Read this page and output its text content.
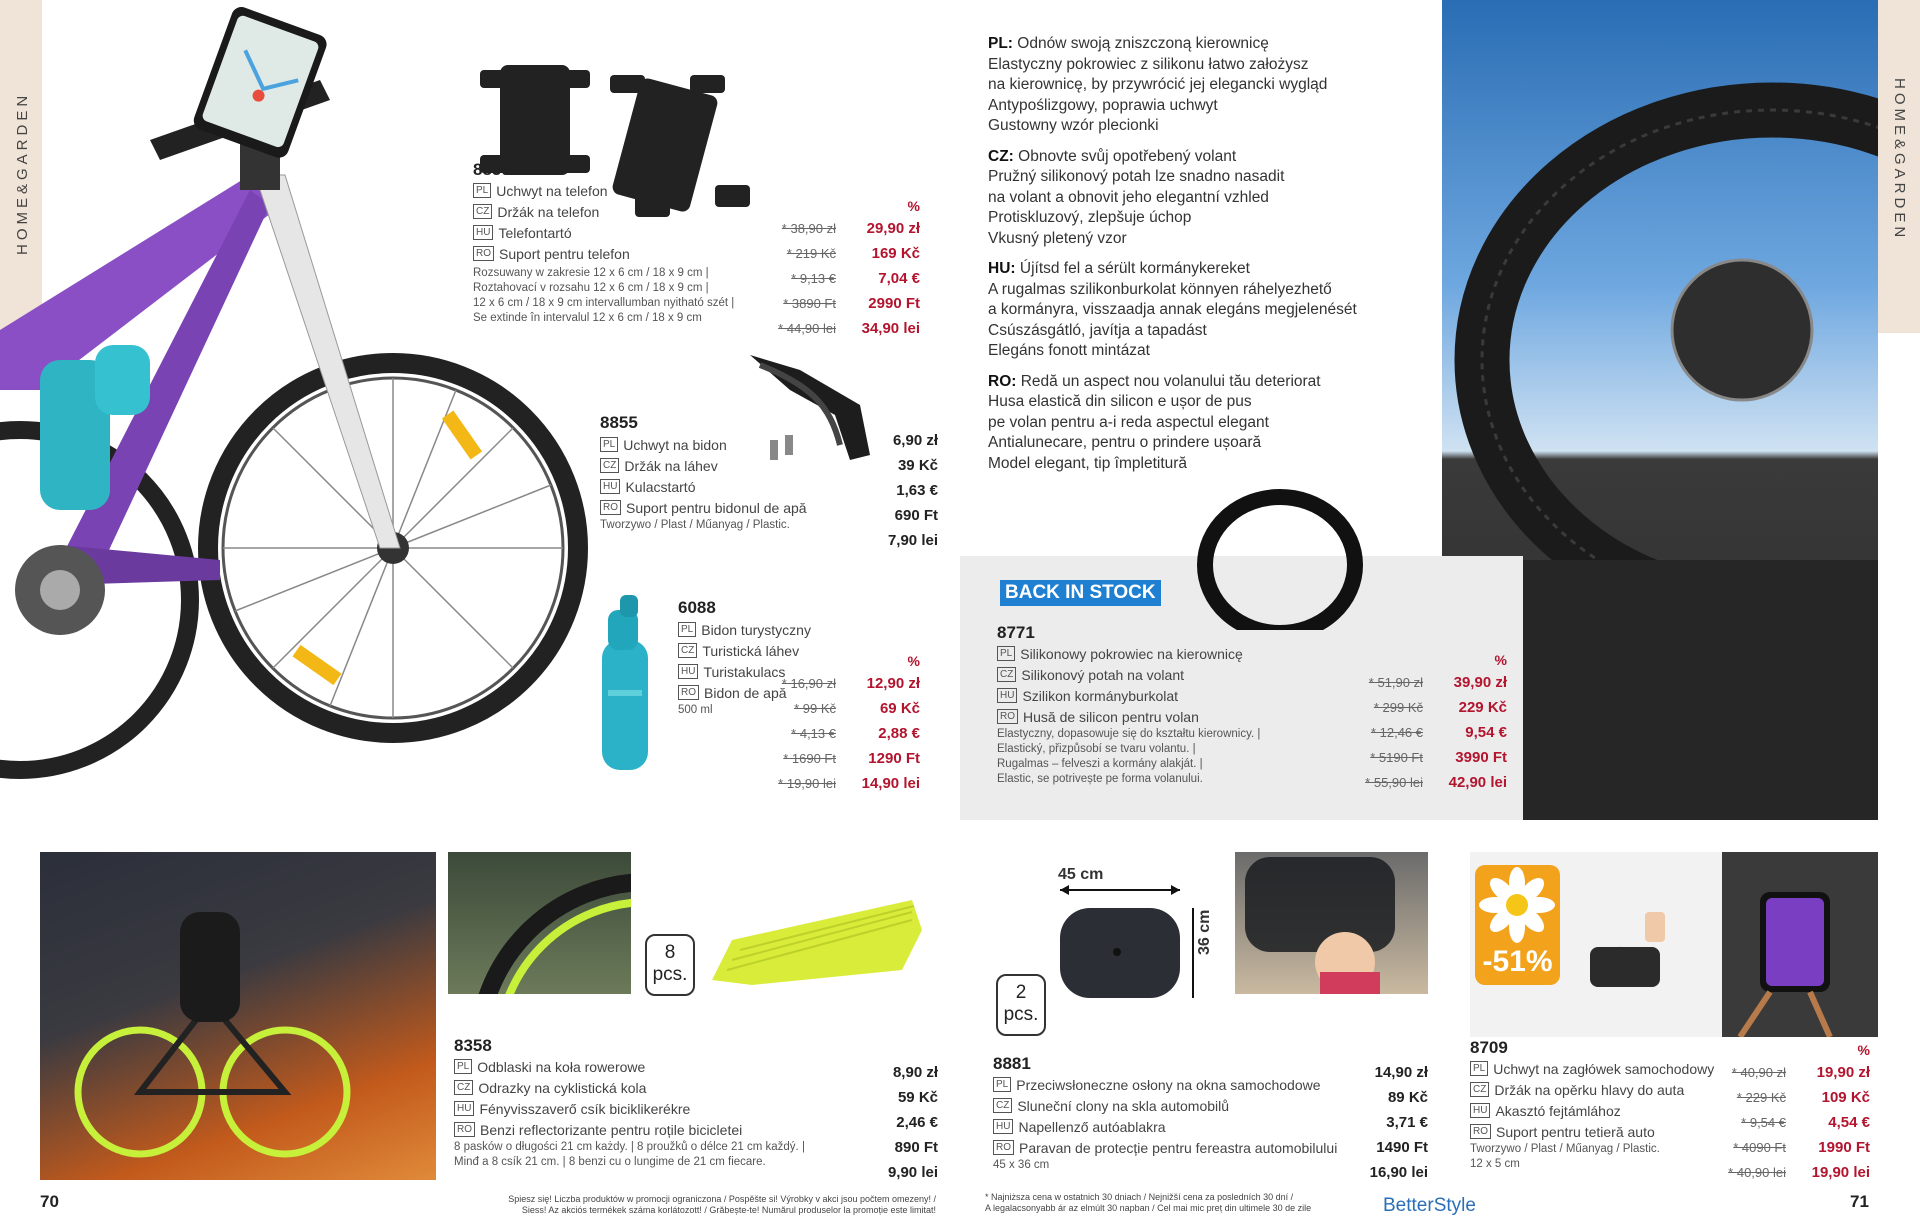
HOME&GARDEN	HOME&GARDEN
8859
PL Uchwyt na telefon
CZ Držák na telefon
HU Telefontartó
RO Suport pentru telefon
Rozsuwany w zakresie 12 x 6 cm / 18 x 9 cm |
Roztahovací v rozsahu 12 x 6 cm / 18 x 9 cm |
12 x 6 cm / 18 x 9 cm intervallumban nyitható szét |
Se extinde în intervalul 12 x 6 cm / 18 x 9 cm
%
* 38,90 zł	29,90 zł
* 219 Kč	169 Kč
* 9,13 €	7,04 €
* 3890 Ft	2990 Ft
* 44,90 lei	34,90 lei
8855
PL Uchwyt na bidon
CZ Držák na láhev
HU Kulacstartó
RO Suport pentru bidonul de apă
Tworzywo / Plast / Műanyag / Plastic.
6,90 zł
39 Kč
1,63 €
690 Ft
7,90 lei
6088
PL Bidon turystyczny
CZ Turistická láhev
HU Turistakulacs
RO Bidon de apă
500 ml
%
* 16,90 zł	12,90 zł
* 99 Kč	69 Kč
* 4,13 €	2,88 €
* 1690 Ft	1290 Ft
* 19,90 lei	14,90 lei

PL: Odnów swoją zniszczoną kierownicę
Elastyczny pokrowiec z silikonu łatwo założysz
na kierownicę, by przywrócić jej elegancki wygląd
Antypoślizgowy, poprawia uchwyt
Gustowny wzór plecionki

CZ: Obnovte svůj opotřebený volant
Pružný silikonový potah lze snadno nasadit
na volant a obnovit jeho elegantní vzhled
Protiskluzový, zlepšuje úchop
Vkusný pletený vzor

HU: Újítsd fel a sérült kormánykereket
A rugalmas szilikonburkolat könnyen ráhelyezhető
a kormányra, visszaadja annak elegáns megjelenését
Csúszásgátló, javítja a tapadást
Elegáns fonott mintázat

RO: Redă un aspect nou volanului tău deteriorat
Husa elastică din silicon e ușor de pus
pe volan pentru a-i reda aspectul elegant
Antialunecare, pentru o prindere ușoară
Model elegant, tip împletitură

BACK IN STOCK
8771
PL Silikonowy pokrowiec na kierownicę
CZ Silikonový potah na volant
HU Szilikon kormányburkolat
RO Husă de silicon pentru volan
Elastyczny, dopasowuje się do kształtu kierownicy. |
Elastický, přizpůsobí se tvaru volantu. |
Rugalmas – felveszi a kormány alakját. |
Elastic, se potrivește pe forma volanului.
%
* 51,90 zł	39,90 zł
* 299 Kč	229 Kč
* 12,46 €	9,54 €
* 5190 Ft	3990 Ft
* 55,90 lei	42,90 lei
8
pcs.
8358
PL Odblaski na koła rowerowe
CZ Odrazky na cyklistická kola
HU Fényvisszaverő csík biciklikerékre
RO Benzi reflectorizante pentru roțile bicicletei
8 pasków o długości 21 cm każdy. | 8 proužků o délce 21 cm každý. |
Minđ a 8 csík 21 cm. | 8 benzi cu o lungime de 21 cm fiecare.
8,90 zł
59 Kč
2,46 €
890 Ft
9,90 lei
45 cm
36 cm
2
pcs.
8881
PL Przeciwsłoneczne osłony na okna samochodowe
CZ Sluneční clony na skla automobilů
HU Napellenző autóablakra
RO Paravan de protecție pentru fereastra automobilului
45 x 36 cm
14,90 zł
89 Kč
3,71 €
1490 Ft
16,90 lei
-51%
8709
PL Uchwyt na zagłówek samochodowy
CZ Držák na opěrku hlavy do auta
HU Akasztó fejtámlához
RO Suport pentru tetieră auto
Tworzywo / Plast / Műanyag / Plastic.
12 x 5 cm
%
* 40,90 zł	19,90 zł
* 229 Kč	109 Kč
* 9,54 €	4,54 €
* 4090 Ft	1990 Ft
* 40,90 lei	19,90 lei
70	71
Spiesz się! Liczba produktów w promocji ograniczona / Pospěšte si! Výrobky v akci jsou počtem omezeny! /
Siess! Az akciós termékek száma korlátozott! / Grăbește-te! Numărul produselor la promoție este limitat!
* Najniższa cena w ostatnich 30 dniach / Nejnižší cena za posledních 30 dní /
A legalacsonyabb ár az elmúlt 30 napban / Cel mai mic preț din ultimele 30 de zile	BetterStyle
